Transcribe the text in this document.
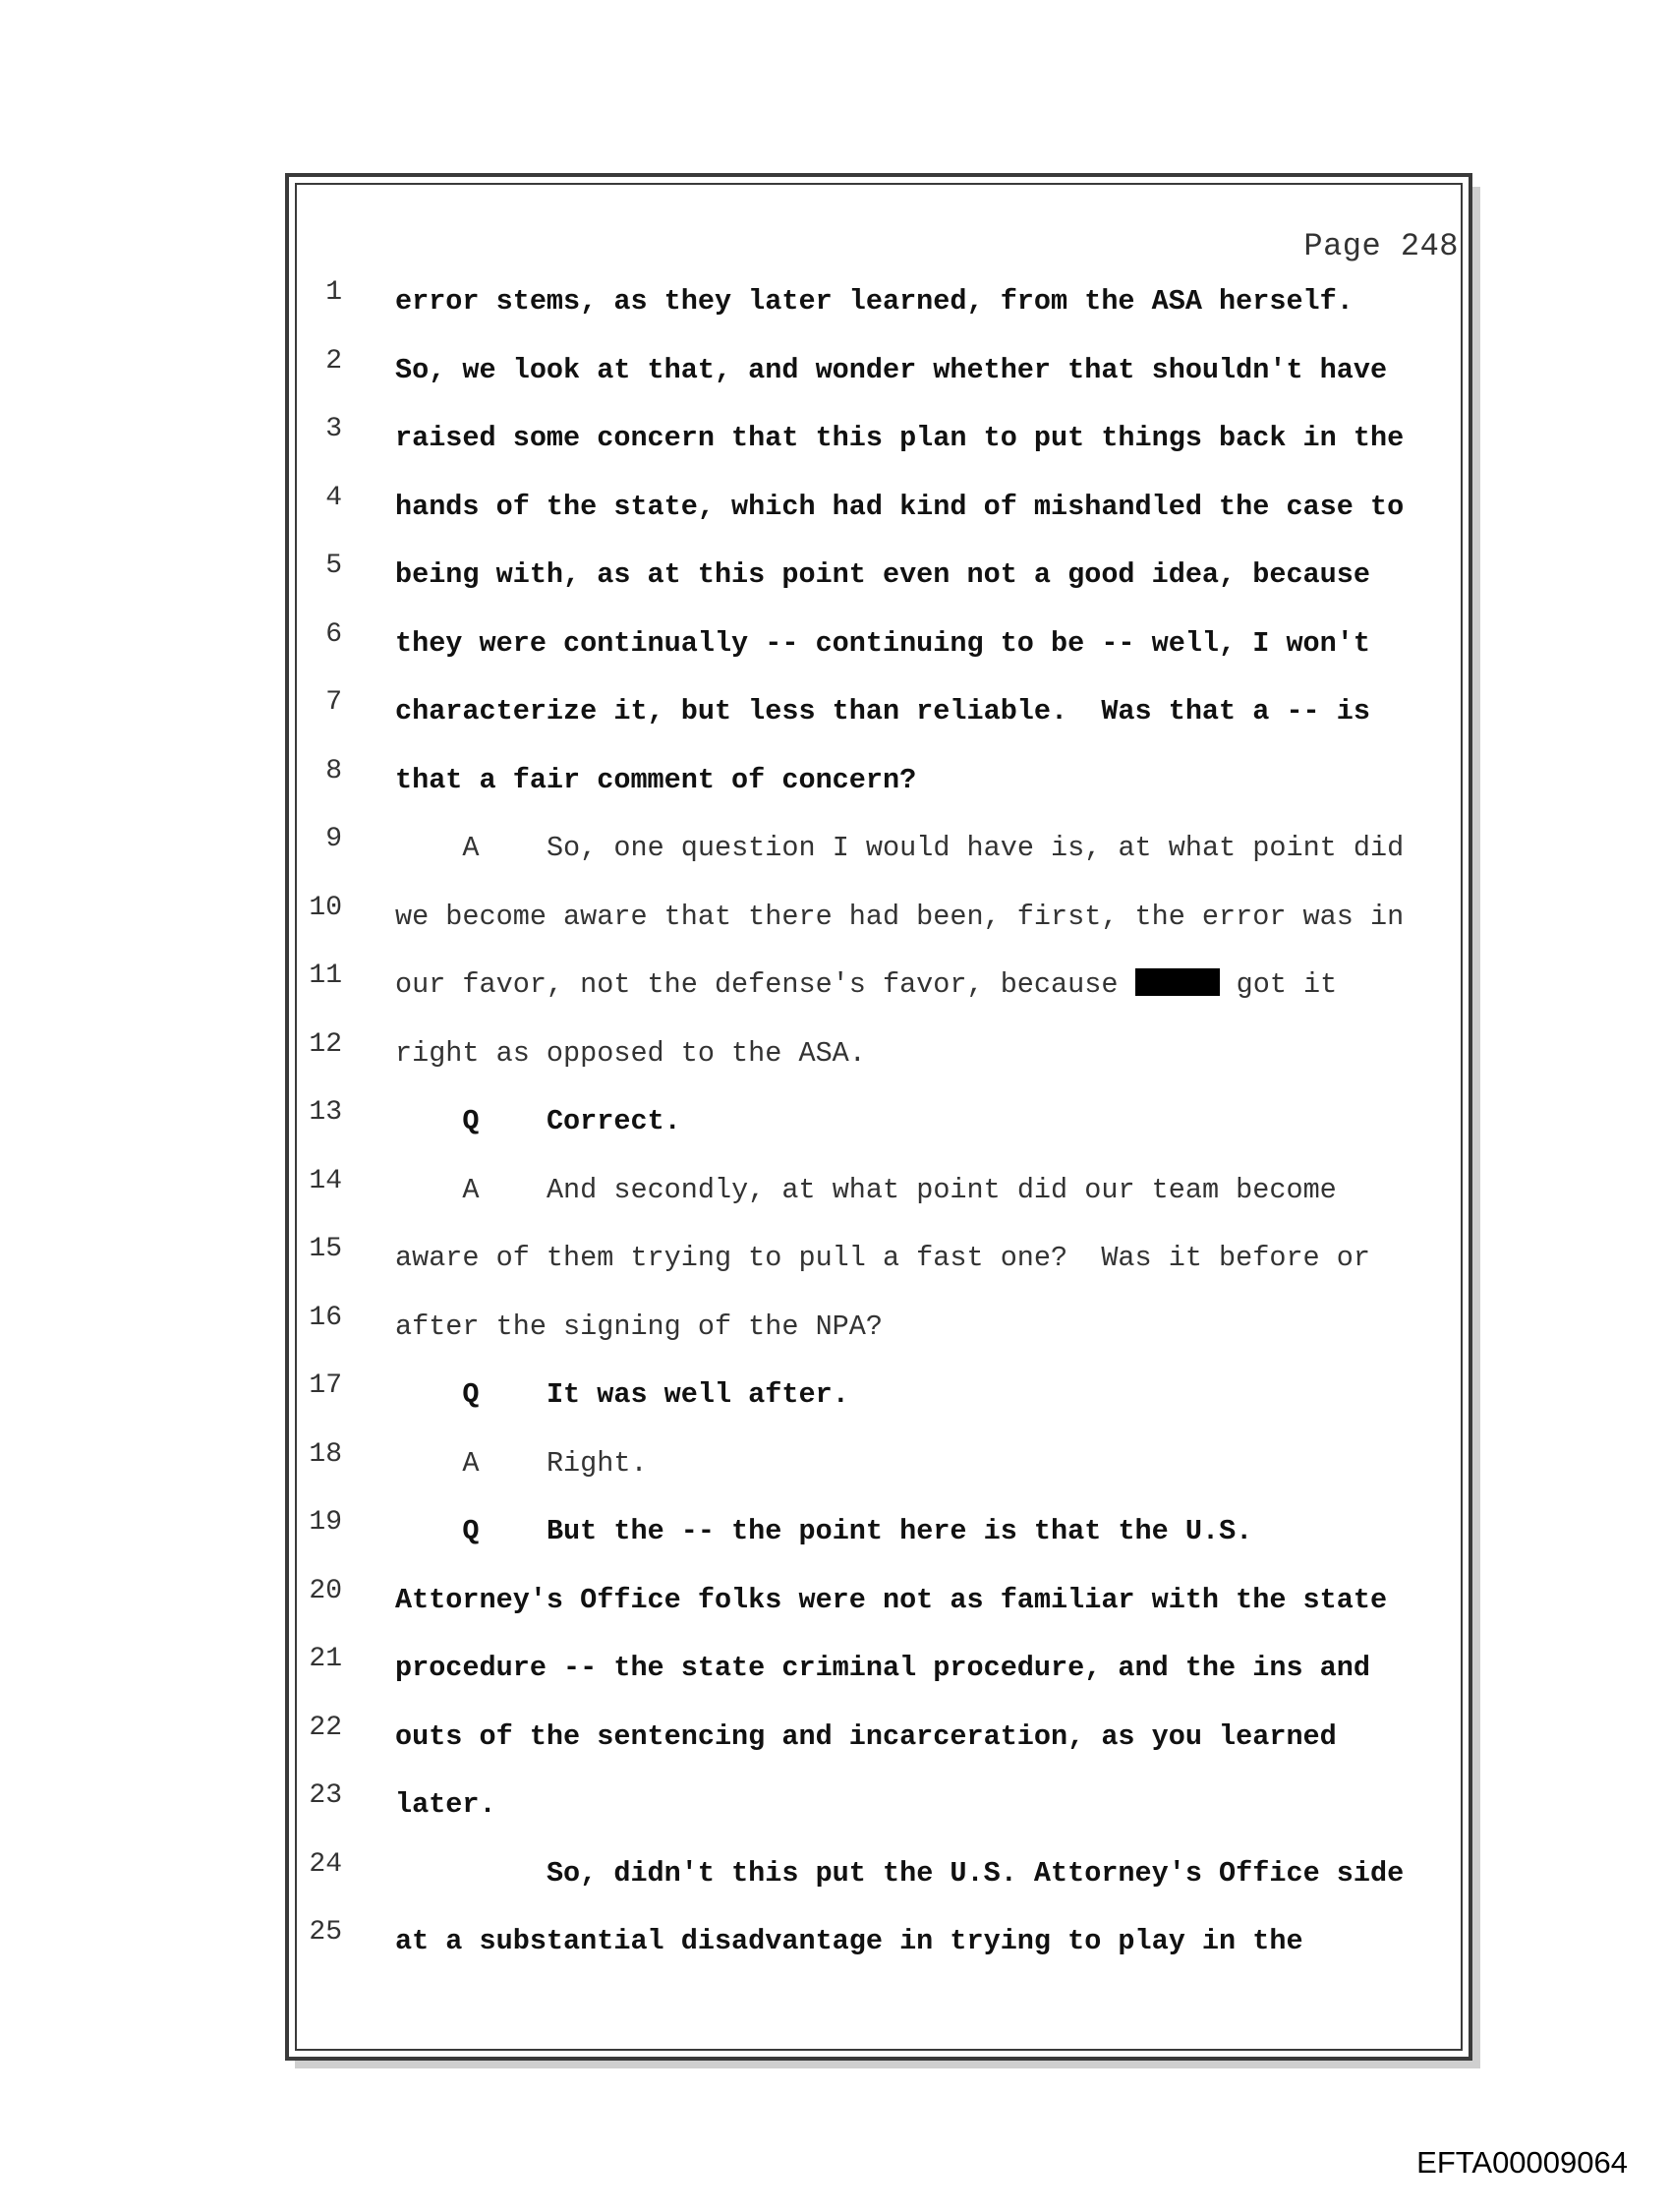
Page 248

1 error stems, as they later learned, from the ASA herself.
2 So, we look at that, and wonder whether that shouldn't have
3 raised some concern that this plan to put things back in the
4 hands of the state, which had kind of mishandled the case to
5 being with, as at this point even not a good idea, because
6 they were continually -- continuing to be -- well, I won't
7 characterize it, but less than reliable.  Was that a -- is
8 that a fair comment of concern?
9	A So, one question I would have is, at what point did
10 we become aware that there had been, first, the error was in
11 our favor, not the defense's favor, because	got it
12 right as opposed to the ASA.
13	Q Correct.
14	A And secondly, at what point did our team become
15 aware of them trying to pull a fast one?  Was it before or
16 after the signing of the NPA?
17	Q It was well after.
18	A Right.
19	Q But the -- the point here is that the U.S.
20 Attorney's Office folks were not as familiar with the state
21 procedure -- the state criminal procedure, and the ins and
22 outs of the sentencing and incarceration, as you learned
23 later.
24	So, didn't this put the U.S. Attorney's Office side
25 at a substantial disadvantage in trying to play in the

EFTA00009064
